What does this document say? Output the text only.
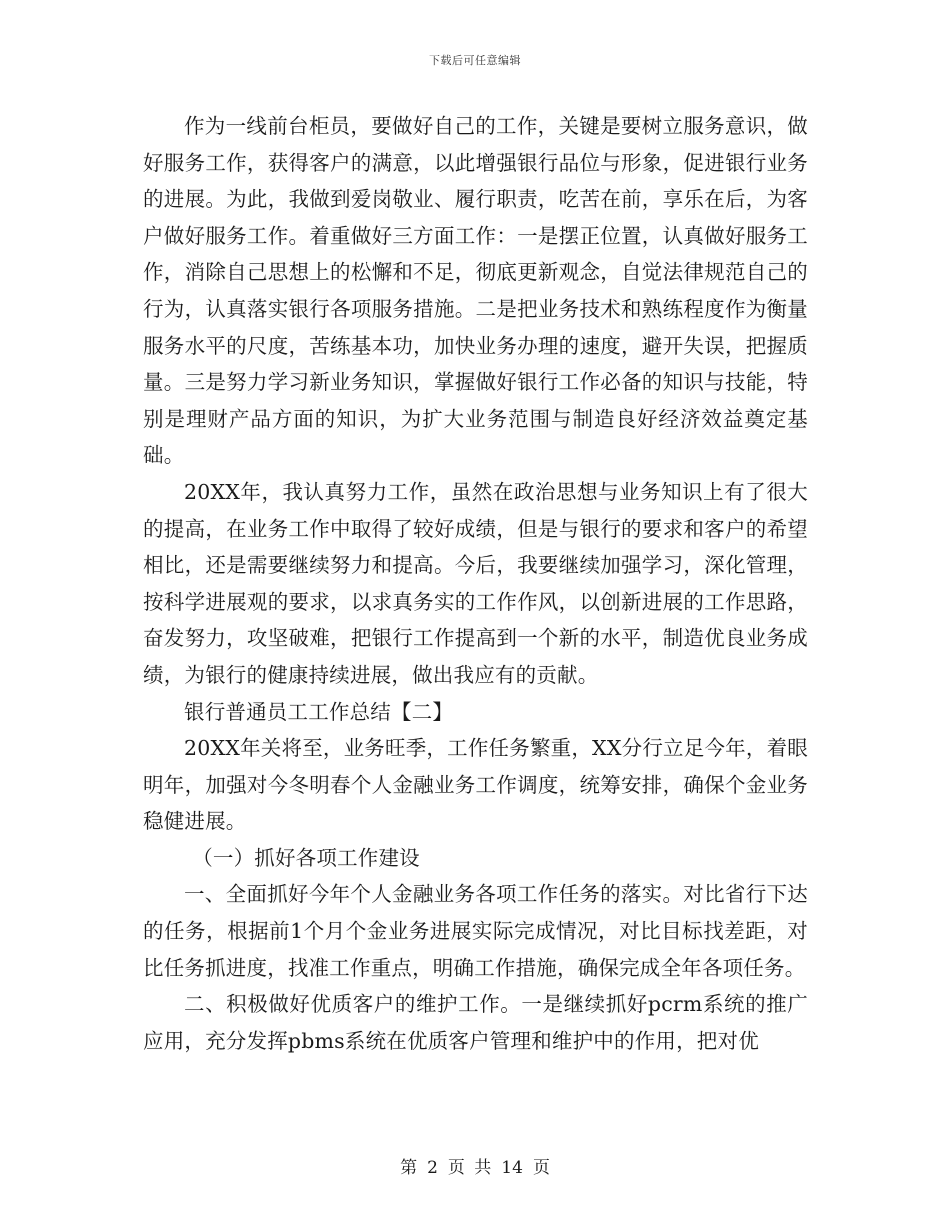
下载后可任意编辑

作为一线前台柜员，要做好自己的工作，关键是要树立服务意识，做好服务工作，获得客户的满意，以此增强银行品位与形象，促进银行业务的进展。为此，我做到爱岗敬业、履行职责，吃苦在前，享乐在后，为客户做好服务工作。着重做好三方面工作：一是摆正位置，认真做好服务工作，消除自己思想上的松懈和不足，彻底更新观念，自觉法律规范自己的行为，认真落实银行各项服务措施。二是把业务技术和熟练程度作为衡量服务水平的尺度，苦练基本功，加快业务办理的速度，避开失误，把握质量。三是努力学习新业务知识，掌握做好银行工作必备的知识与技能，特别是理财产品方面的知识，为扩大业务范围与制造良好经济效益奠定基础。

20XX年，我认真努力工作，虽然在政治思想与业务知识上有了很大的提高，在业务工作中取得了较好成绩，但是与银行的要求和客户的希望相比，还是需要继续努力和提高。今后，我要继续加强学习，深化管理，按科学进展观的要求，以求真务实的工作作风，以创新进展的工作思路，奋发努力，攻坚破难，把银行工作提高到一个新的水平，制造优良业务成绩，为银行的健康持续进展，做出我应有的贡献。

银行普通员工工作总结【二】

20XX年关将至，业务旺季，工作任务繁重，XX分行立足今年，着眼明年，加强对今冬明春个人金融业务工作调度，统筹安排，确保个金业务稳健进展。

（一）抓好各项工作建设

一、全面抓好今年个人金融业务各项工作任务的落实。对比省行下达的任务，根据前1个月个金业务进展实际完成情况，对比目标找差距，对比任务抓进度，找准工作重点，明确工作措施，确保完成全年各项任务。

二、积极做好优质客户的维护工作。一是继续抓好pcrm系统的推广应用，充分发挥pbms系统在优质客户管理和维护中的作用，把对优

第 2 页 共 14 页
